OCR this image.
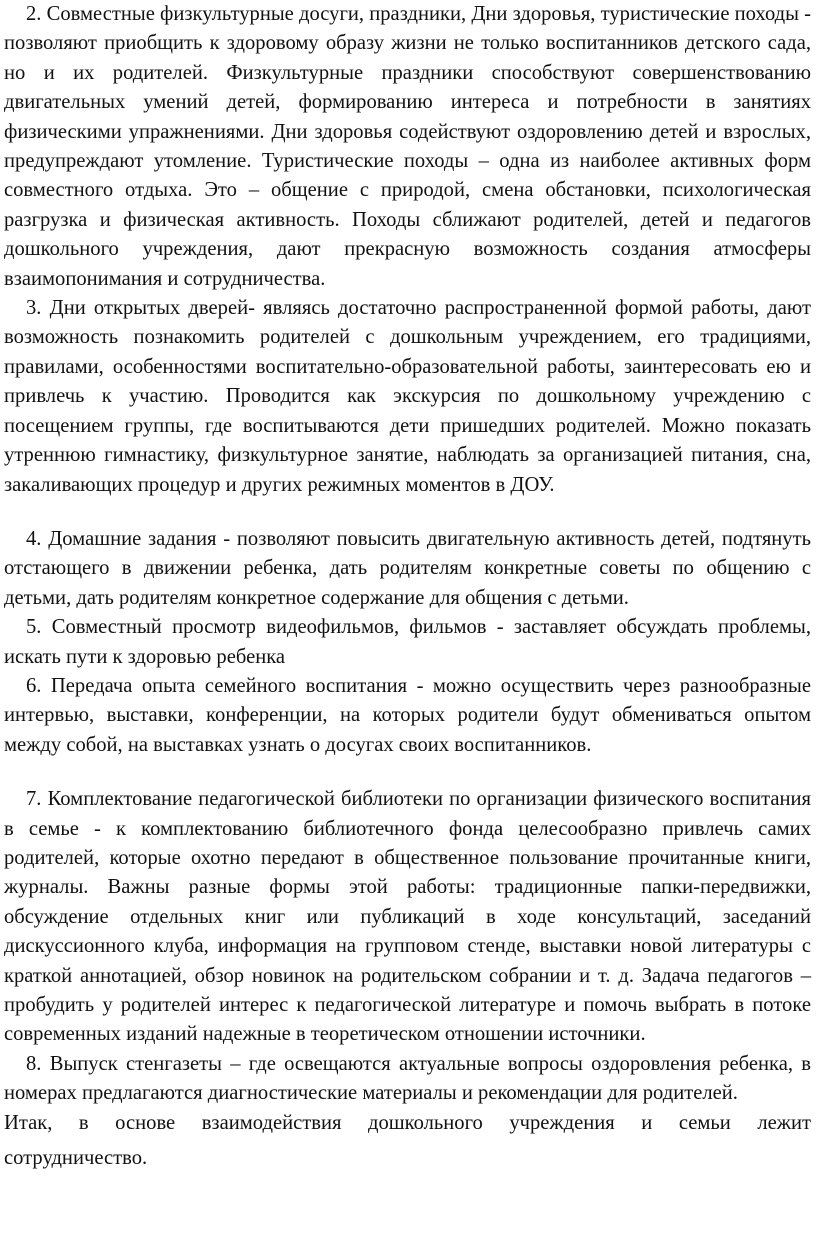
2. Совместные физкультурные досуги, праздники, Дни здоровья, туристические походы - позволяют приобщить к здоровому образу жизни не только воспитанников детского сада, но и их родителей. Физкультурные праздники способствуют совершенствованию двигательных умений детей, формированию интереса и потребности в занятиях физическими упражнениями. Дни здоровья содействуют оздоровлению детей и взрослых, предупреждают утомление. Туристические походы – одна из наиболее активных форм совместного отдыха. Это – общение с природой, смена обстановки, психологическая разгрузка и физическая активность. Походы сближают родителей, детей и педагогов дошкольного учреждения, дают прекрасную возможность создания атмосферы взаимопонимания и сотрудничества.

3. Дни открытых дверей- являясь достаточно распространенной формой работы, дают возможность познакомить родителей с дошкольным учреждением, его традициями, правилами, особенностями воспитательно-образовательной работы, заинтересовать ею и привлечь к участию. Проводится как экскурсия по дошкольному учреждению с посещением группы, где воспитываются дети пришедших родителей. Можно показать утреннюю гимнастику, физкультурное занятие, наблюдать за организацией питания, сна, закаливающих процедур и других режимных моментов в ДОУ.

4. Домашние задания - позволяют повысить двигательную активность детей, подтянуть отстающего в движении ребенка, дать родителям конкретные советы по общению с детьми, дать родителям конкретное содержание для общения с детьми.

5. Совместный просмотр видеофильмов, фильмов - заставляет обсуждать проблемы, искать пути к здоровью ребенка

6. Передача опыта семейного воспитания - можно осуществить через разнообразные интервью, выставки, конференции, на которых родители будут обмениваться опытом между собой, на выставках узнать о досугах своих воспитанников.

7. Комплектование педагогической библиотеки по организации физического воспитания в семье - к комплектованию библиотечного фонда целесообразно привлечь самих родителей, которые охотно передают в общественное пользование прочитанные книги, журналы. Важны разные формы этой работы: традиционные папки-передвижки, обсуждение отдельных книг или публикаций в ходе консультаций, заседаний дискуссионного клуба, информация на групповом стенде, выставки новой литературы с краткой аннотацией, обзор новинок на родительском собрании и т. д. Задача педагогов – пробудить у родителей интерес к педагогической литературе и помочь выбрать в потоке современных изданий надежные в теоретическом отношении источники.

8. Выпуск стенгазеты – где освещаются актуальные вопросы оздоровления ребенка, в номерах предлагаются диагностические материалы и рекомендации для родителей.

Итак, в основе взаимодействия дошкольного учреждения и семьи лежит

сотрудничество.
